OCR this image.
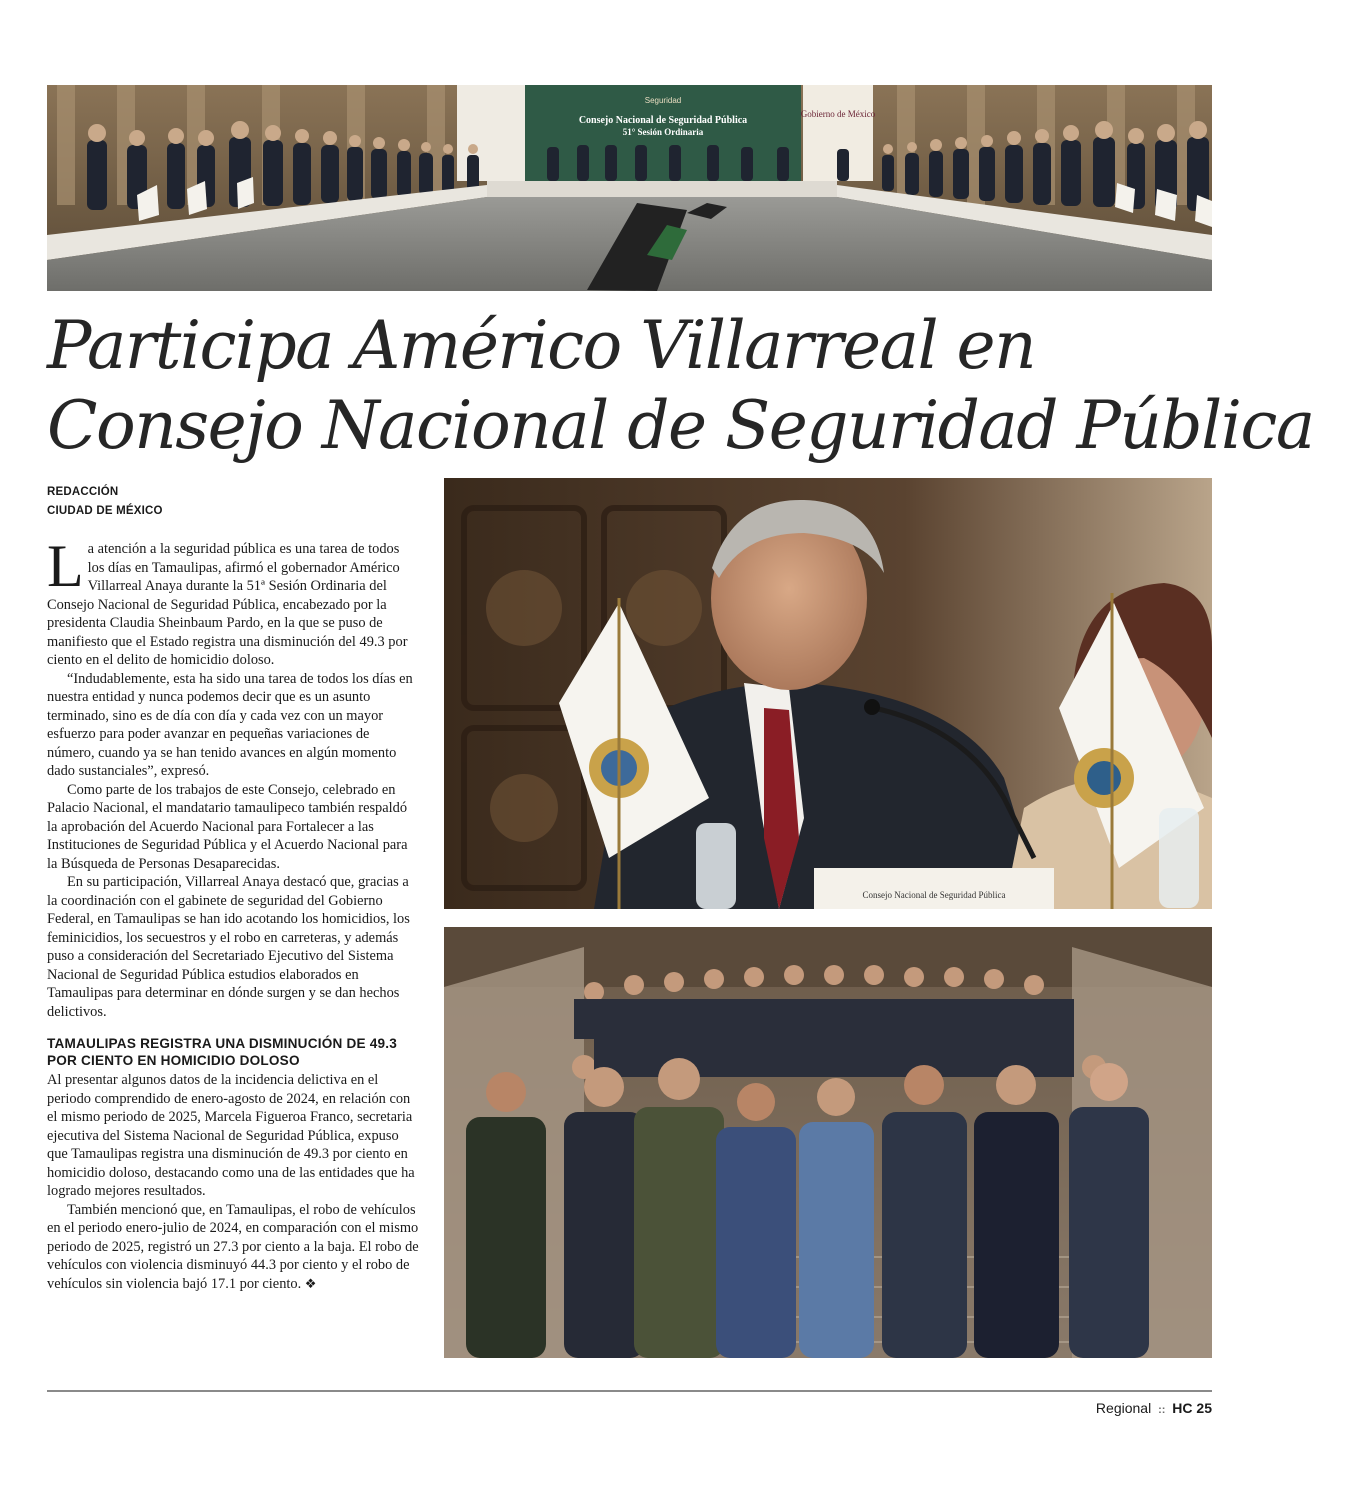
Seguridad
Consejo Nacional de Seguridad Pública
51° Sesión Ordinaria
Gobierno de México
Participa Américo Villarreal en
Consejo Nacional de Seguridad Pública
REDACCIÓN
CIUDAD DE MÉXICO

La atención a la seguridad pública es una tarea de todos los días en Tamaulipas, afirmó el gobernador Américo Villarreal Anaya durante la 51ª Sesión Ordinaria del Consejo Nacional de Seguridad Pública, encabezado por la presidenta Claudia Sheinbaum Pardo, en la que se puso de manifiesto que el Estado registra una disminución del 49.3 por ciento en el delito de homicidio doloso.

“Indudablemente, esta ha sido una tarea de todos los días en nuestra entidad y nunca podemos decir que es un asunto terminado, sino es de día con día y cada vez con un mayor esfuerzo para poder avanzar en pequeñas variaciones de número, cuando ya se han tenido avances en algún momento dado sustanciales”, expresó.

Como parte de los trabajos de este Consejo, celebrado en Palacio Nacional, el mandatario tamaulipeco también respaldó la aprobación del Acuerdo Nacional para Fortalecer a las Instituciones de Seguridad Pública y el Acuerdo Nacional para la Búsqueda de Personas Desaparecidas.

En su participación, Villarreal Anaya destacó que, gracias a la coordinación con el gabinete de seguridad del Gobierno Federal, en Tamaulipas se han ido acotando los homicidios, los feminicidios, los secuestros y el robo en carreteras, y además puso a consideración del Secretariado Ejecutivo del Sistema Nacional de Seguridad Pública estudios elaborados en Tamaulipas para determinar en dónde surgen y se dan hechos delictivos.

TAMAULIPAS REGISTRA UNA DISMINUCIÓN DE 49.3 POR CIENTO EN HOMICIDIO DOLOSO

Al presentar algunos datos de la incidencia delictiva en el periodo comprendido de enero-agosto de 2024, en relación con el mismo periodo de 2025, Marcela Figueroa Franco, secretaria ejecutiva del Sistema Nacional de Seguridad Pública, expuso que Tamaulipas registra una disminución de 49.3 por ciento en homicidio doloso, destacando como una de las entidades que ha logrado mejores resultados.

También mencionó que, en Tamaulipas, el robo de vehículos en el periodo enero-julio de 2024, en comparación con el mismo periodo de 2025, registró un 27.3 por ciento a la baja. El robo de vehículos con violencia disminuyó 44.3 por ciento y el robo de vehículos sin violencia bajó 17.1 por ciento. ❖

Consejo Nacional de Seguridad Pública
Regional :: HC 25
